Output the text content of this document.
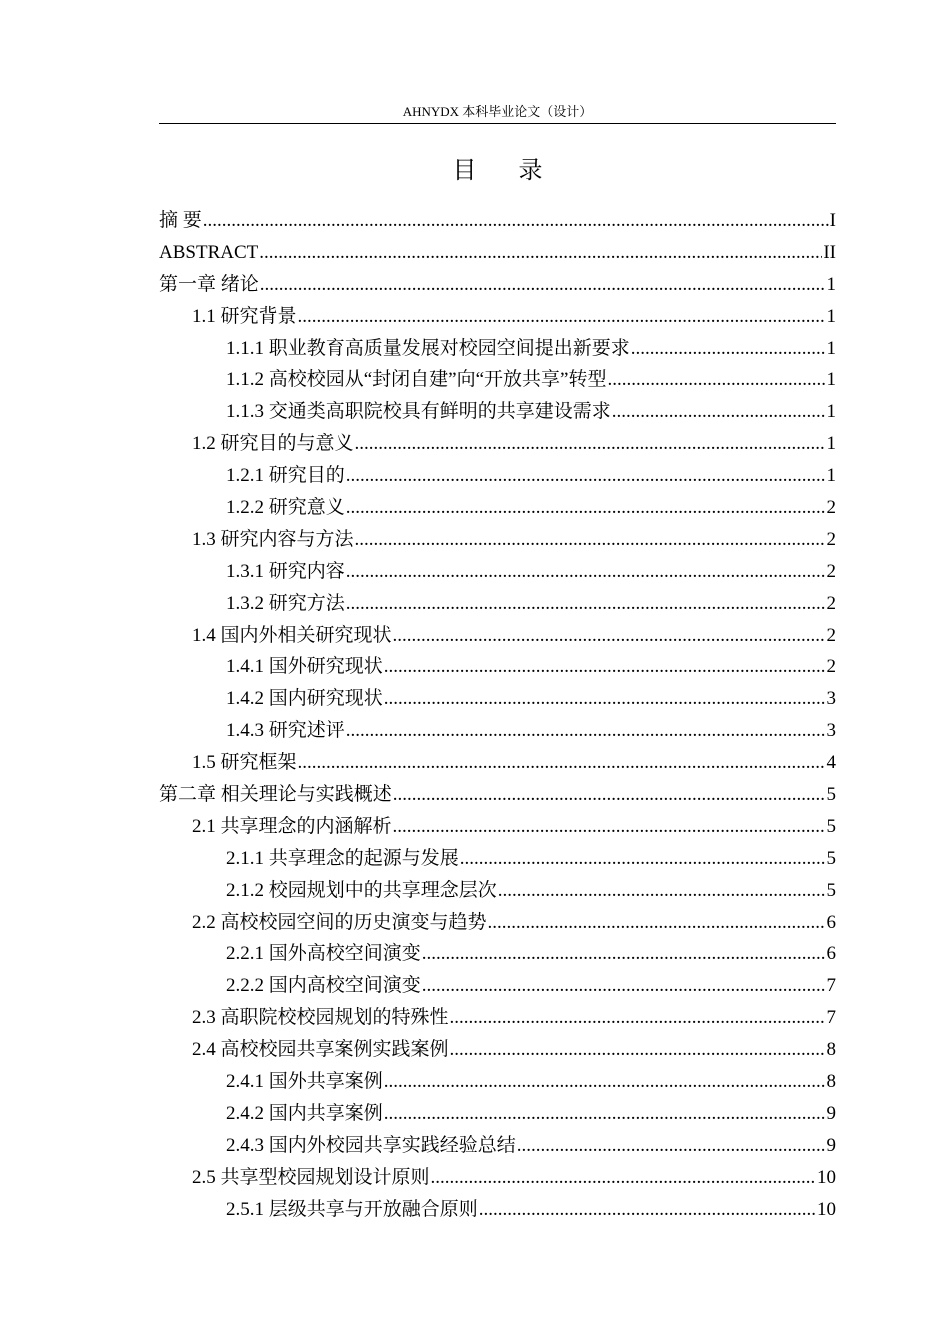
AHNYDX 本科毕业论文（设计）
目 录
摘 要 .....	I
ABSTRACT .....	II
第一章 绪论 .....	1
1.1 研究背景 .....	1
1.1.1 职业教育高质量发展对校园空间提出新要求 .....	1
1.1.2 高校校园从“封闭自建”向“开放共享”转型 .....	1
1.1.3 交通类高职院校具有鲜明的共享建设需求 .....	1
1.2 研究目的与意义 .....	1
1.2.1 研究目的 .....	1
1.2.2 研究意义 .....	2
1.3 研究内容与方法 .....	2
1.3.1 研究内容 .....	2
1.3.2 研究方法 .....	2
1.4 国内外相关研究现状 .....	2
1.4.1 国外研究现状 .....	2
1.4.2 国内研究现状 .....	3
1.4.3 研究述评 .....	3
1.5 研究框架 .....	4
第二章 相关理论与实践概述 .....	5
2.1 共享理念的内涵解析 .....	5
2.1.1 共享理念的起源与发展 .....	5
2.1.2 校园规划中的共享理念层次 .....	5
2.2 高校校园空间的历史演变与趋势 .....	6
2.2.1 国外高校空间演变 .....	6
2.2.2 国内高校空间演变 .....	7
2.3 高职院校校园规划的特殊性 .....	7
2.4 高校校园共享案例实践案例 .....	8
2.4.1 国外共享案例 .....	8
2.4.2 国内共享案例 .....	9
2.4.3 国内外校园共享实践经验总结 .....	9
2.5 共享型校园规划设计原则 .....	10
2.5.1 层级共享与开放融合原则 .....	10
